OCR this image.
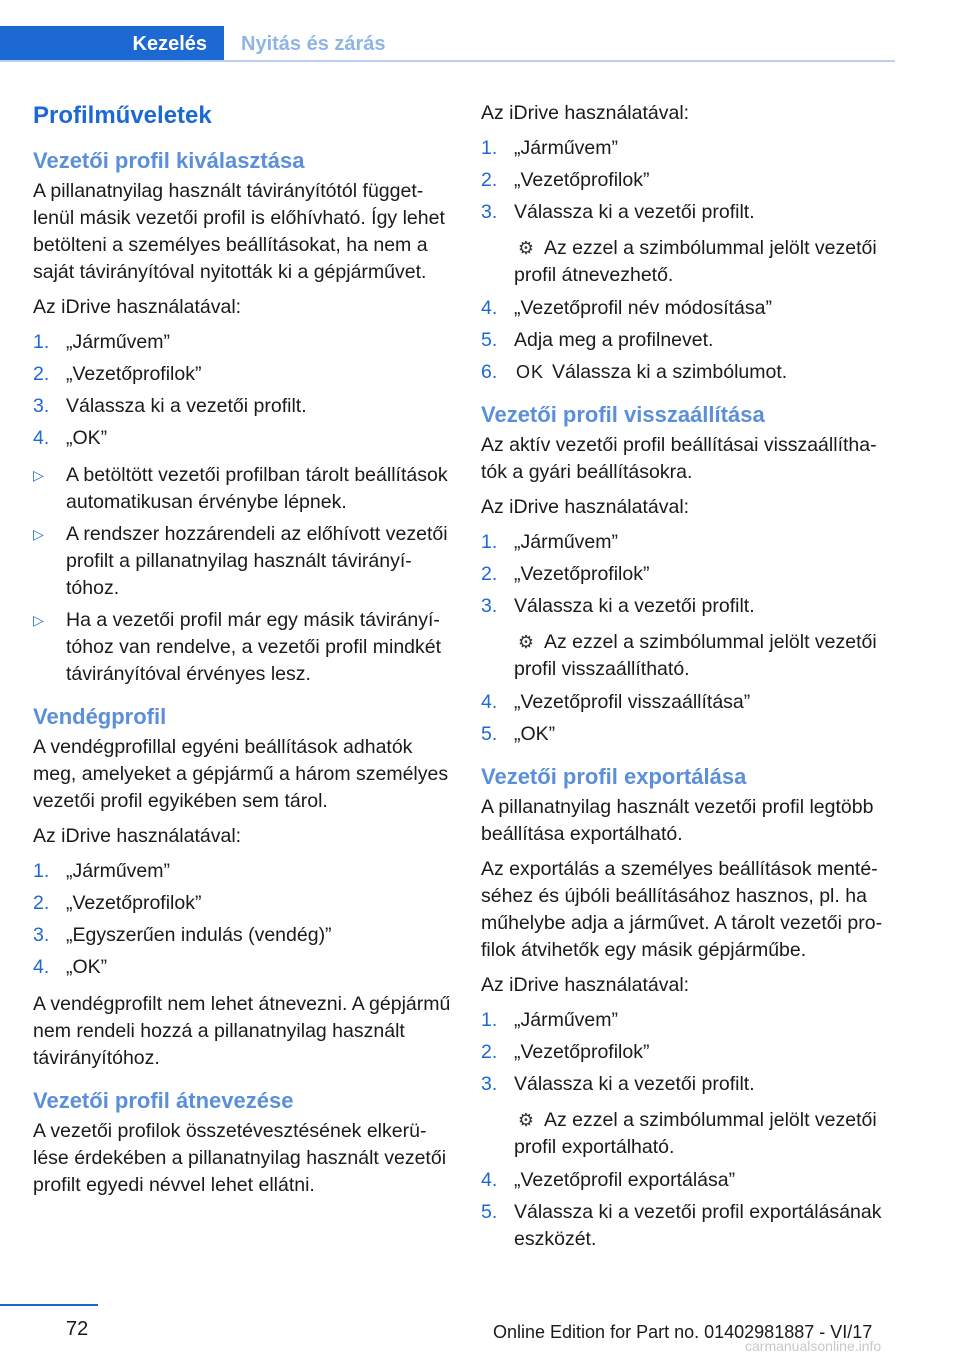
Kezelés	Nyitás és zárás
Profilműveletek
Vezetői profil kiválasztása

A pillanatnyilag használt távirányítótól függetlenül másik vezetői profil is előhívható. Így lehet betölteni a személyes beállításokat, ha nem a saját távirányítóval nyitották ki a gépjárművet.

Az iDrive használatával:

1. „Járművem”
2. „Vezetőprofilok”
3. Válassza ki a vezetői profilt.
4. „OK”
▷ A betöltött vezetői profilban tárolt beállítások automatikusan érvénybe lépnek.
▷ A rendszer hozzárendeli az előhívott vezetői profilt a pillanatnyilag használt távirányítóhoz.
▷ Ha a vezetői profil már egy másik távirányítóhoz van rendelve, a vezetői profil mindkét távirányítóval érvényes lesz.
Vendégprofil

A vendégprofillal egyéni beállítások adhatók meg, amelyeket a gépjármű a három személyes vezetői profil egyikében sem tárol.

Az iDrive használatával:

1. „Járművem”
2. „Vezetőprofilok”
3. „Egyszerűen indulás (vendég)”
4. „OK”

A vendégprofilt nem lehet átnevezni. A gépjármű nem rendeli hozzá a pillanatnyilag használt távirányítóhoz.

Vezetői profil átnevezése

A vezetői profilok összetévesztésének elkerülése érdekében a pillanatnyilag használt vezetői profilt egyedi névvel lehet ellátni.

Az iDrive használatával:

1. „Járművem”
2. „Vezetőprofilok”
3. Válassza ki a vezetői profilt.
⚙ Az ezzel a szimbólummal jelölt vezetői profil átnevezhető.
4. „Vezetőprofil név módosítása”
5. Adja meg a profilnevet.
6. OK Válassza ki a szimbólumot.
Vezetői profil visszaállítása

Az aktív vezetői profil beállításai visszaállíthatók a gyári beállításokra.

Az iDrive használatával:

1. „Járművem”
2. „Vezetőprofilok”
3. Válassza ki a vezetői profilt.
⚙ Az ezzel a szimbólummal jelölt vezetői profil visszaállítható.
4. „Vezetőprofil visszaállítása”
5. „OK”
Vezetői profil exportálása

A pillanatnyilag használt vezetői profil legtöbb beállítása exportálható.

Az exportálás a személyes beállítások mentéséhez és újbóli beállításához hasznos, pl. ha műhelybe adja a járművet. A tárolt vezetői profilok átvihetők egy másik gépjárműbe.

Az iDrive használatával:

1. „Járművem”
2. „Vezetőprofilok”
3. Válassza ki a vezetői profilt.
⚙ Az ezzel a szimbólummal jelölt vezetői profil exportálható.
4. „Vezetőprofil exportálása”
5. Válassza ki a vezetői profil exportálásának eszközét.
72	Online Edition for Part no. 01402981887 - VI/17
carmanualsonline.info
